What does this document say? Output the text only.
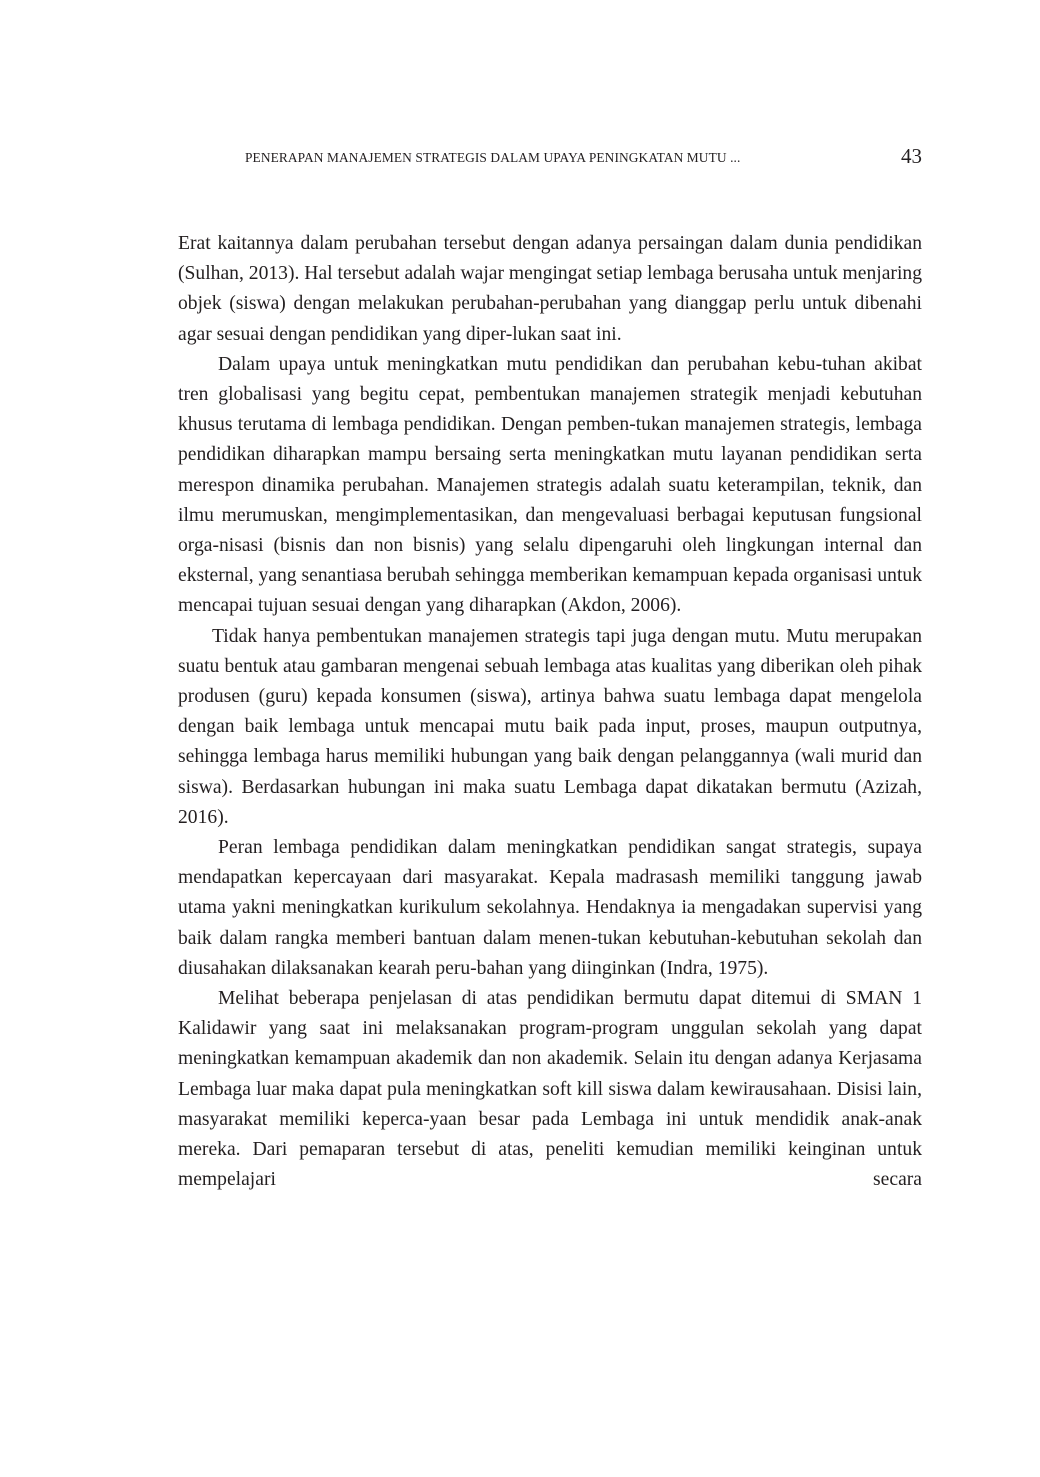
PENERAPAN MANAJEMEN STRATEGIS DALAM UPAYA PENINGKATAN MUTU ...	43

Erat kaitannya dalam perubahan tersebut dengan adanya persaingan dalam dunia pendidikan (Sulhan, 2013). Hal tersebut adalah wajar mengingat setiap lembaga berusaha untuk menjaring objek (siswa) dengan melakukan perubahan-perubahan yang dianggap perlu untuk dibenahi agar sesuai dengan pendidikan yang diper-lukan saat ini.

Dalam upaya untuk meningkatkan mutu pendidikan dan perubahan kebu-tuhan akibat tren globalisasi yang begitu cepat, pembentukan manajemen strategik menjadi kebutuhan khusus terutama di lembaga pendidikan. Dengan pemben-tukan manajemen strategis, lembaga pendidikan diharapkan mampu bersaing serta meningkatkan mutu layanan pendidikan serta merespon dinamika perubahan. Manajemen strategis adalah suatu keterampilan, teknik, dan ilmu merumuskan, mengimplementasikan, dan mengevaluasi berbagai keputusan fungsional orga-nisasi (bisnis dan non bisnis) yang selalu dipengaruhi oleh lingkungan internal dan eksternal, yang senantiasa berubah sehingga memberikan kemampuan kepada organisasi untuk mencapai tujuan sesuai dengan yang diharapkan (Akdon, 2006).

Tidak hanya pembentukan manajemen strategis tapi juga dengan mutu. Mutu merupakan suatu bentuk atau gambaran mengenai sebuah lembaga atas kualitas yang diberikan oleh pihak produsen (guru) kepada konsumen (siswa), artinya bahwa suatu lembaga dapat mengelola dengan baik lembaga untuk mencapai mutu baik pada input, proses, maupun outputnya, sehingga lembaga harus memiliki hubungan yang baik dengan pelanggannya (wali murid dan siswa). Berdasarkan hubungan ini maka suatu Lembaga dapat dikatakan bermutu (Azizah, 2016).

Peran lembaga pendidikan dalam meningkatkan pendidikan sangat strategis, supaya mendapatkan kepercayaan dari masyarakat. Kepala madrasash memiliki tanggung jawab utama yakni meningkatkan kurikulum sekolahnya. Hendaknya ia mengadakan supervisi yang baik dalam rangka memberi bantuan dalam menen-tukan kebutuhan-kebutuhan sekolah dan diusahakan dilaksanakan kearah peru-bahan yang diinginkan (Indra, 1975).

Melihat beberapa penjelasan di atas pendidikan bermutu dapat ditemui di SMAN 1 Kalidawir yang saat ini melaksanakan program-program unggulan sekolah yang dapat meningkatkan kemampuan akademik dan non akademik. Selain itu dengan adanya Kerjasama Lembaga luar maka dapat pula meningkatkan soft kill siswa dalam kewirausahaan. Disisi lain, masyarakat memiliki keperca-yaan besar pada Lembaga ini untuk mendidik anak-anak mereka. Dari pemaparan tersebut di atas, peneliti kemudian memiliki keinginan untuk mempelajari secara
